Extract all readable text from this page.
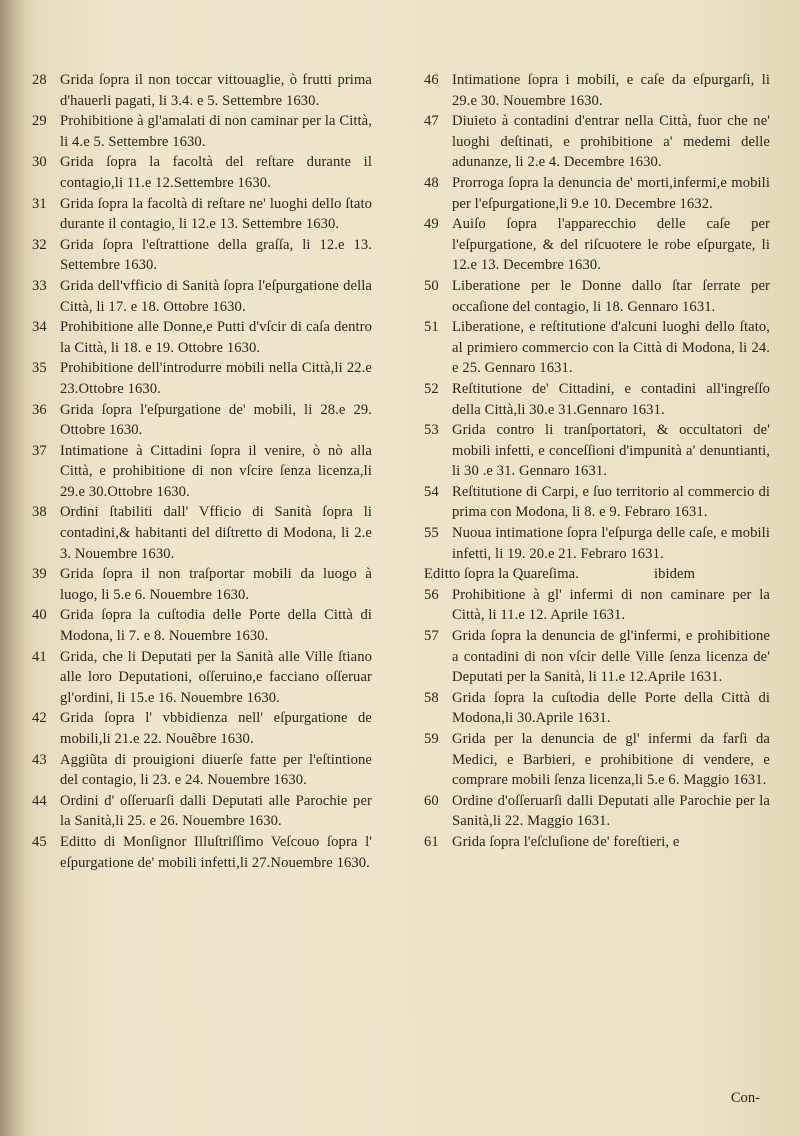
28 Grida ſopra il non toccar vittouaglie, ò frutti prima d'hauerli pagati, li 3.4. e 5. Settembre 1630.
29 Prohibitione à gl'amalati di non caminar per la Città, li 4.e 5. Settembre 1630.
30 Grida ſopra la facoltà del reſtare durante il contagio,li 11.e 12.Settembre 1630.
31 Grida ſopra la facoltà di reſtare ne' luoghi dello ſtato durante il contagio, li 12.e 13. Settembre 1630.
32 Grida ſopra l'eſtrattione della graſſa, li 12.e 13. Settembre 1630.
33 Grida dell'vfficio di Sanità ſopra l'eſpurgatione della Città, li 17. e 18. Ottobre 1630.
34 Prohibitione alle Donne,e Putti d'vſcir di caſa dentro la Città, li 18. e 19. Ottobre 1630.
35 Prohibitione dell'introdurre mobili nella Città,li 22.e 23.Ottobre 1630.
36 Grida ſopra l'eſpurgatione de' mobili, li 28.e 29. Ottobre 1630.
37 Intimatione à Cittadini ſopra il venire, ò nò alla Città, e prohibitione di non vſcire ſenza licenza,li 29.e 30.Ottobre 1630.
38 Ordini ſtabiliti dall' Vfficio di Sanità ſopra li contadini,& habitanti del diſtretto di Modona, li 2.e 3. Nouembre 1630.
39 Grida ſopra il non traſportar mobili da luogo à luogo, li 5.e 6. Nouembre 1630.
40 Grida ſopra la cuſtodia delle Porte della Città di Modona, li 7. e 8. Nouembre 1630.
41 Grida, che li Deputati per la Sanità alle Ville ſtiano alle loro Deputationi, oſſeruino,e facciano oſſeruar gl'ordini, li 15.e 16. Nouembre 1630.
42 Grida ſopra l' vbbidienza nell' eſpurgatione de mobili,li 21.e 22. Nouẽbre 1630.
43 Aggiũta di prouigioni diuerſe fatte per l'eſtintione del contagio, li 23. e 24. Nouembre 1630.
44 Ordini d' oſſeruarſi dalli Deputati alle Parochie per la Sanità,li 25. e 26. Nouembre 1630.
45 Editto di Monſignor Illuſtriſſimo Veſcouo ſopra l' eſpurgatione de' mobili infetti,li 27.Nouembre 1630.
46 Intimatione ſopra i mobili, e caſe da eſpurgarſi, li 29.e 30. Nouembre 1630.
47 Diuieto à contadini d'entrar nella Città, fuor che ne' luoghi deſtinati, e prohibitione a' medemi delle adunanze, li 2.e 4. Decembre 1630.
48 Prorroga ſopra la denuncia de' morti,infermi,e mobili per l'eſpurgatione,li 9.e 10. Decembre 1632.
49 Auiſo ſopra l'apparecchio delle caſe per l'eſpurgatione, & del riſcuotere le robe eſpurgate, li 12.e 13. Decembre 1630.
50 Liberatione per le Donne dallo ſtar ſerrate per occaſione del contagio, li 18. Gennaro 1631.
51 Liberatione, e reſtitutione d'alcuni luoghi dello ſtato, al primiero commercio con la Città di Modona, li 24. e 25. Gennaro 1631.
52 Reſtitutione de' Cittadini, e contadini all'ingreſſo della Città,li 30.e 31.Gennaro 1631.
53 Grida contro li tranſportatori, & occultatori de' mobili infetti, e conceſſioni d'impunità a' denuntianti, li 30 .e 31. Gennaro 1631.
54 Reſtitutione di Carpi, e ſuo territorio al commercio di prima con Modona, li 8. e 9. Febraro 1631.
55 Nuoua intimatione ſopra l'eſpurga delle caſe, e mobili infetti, li 19. 20.e 21. Febraro 1631.
Editto ſopra la Quareſima.                    ibidem
56 Prohibitione à gl' infermi di non caminare per la Città, li 11.e 12. Aprile 1631.
57 Grida ſopra la denuncia de gl'infermi, e prohibitione a contadini di non vſcir delle Ville ſenza licenza de' Deputati per la Sanità, li 11.e 12.Aprile 1631.
58 Grida ſopra la cuſtodia delle Porte della Città di Modona,li 30.Aprile 1631.
59 Grida per la denuncia de gl' infermi da farſi da Medici, e Barbieri, e prohibitione di vendere, e comprare mobili ſenza licenza,li 5.e 6. Maggio 1631.
60 Ordine d'oſſeruarſi dalli Deputati alle Parochie per la Sanità,li 22. Maggio 1631.
61 Grida ſopra l'eſcluſione de' foreſtieri, e
Con-
